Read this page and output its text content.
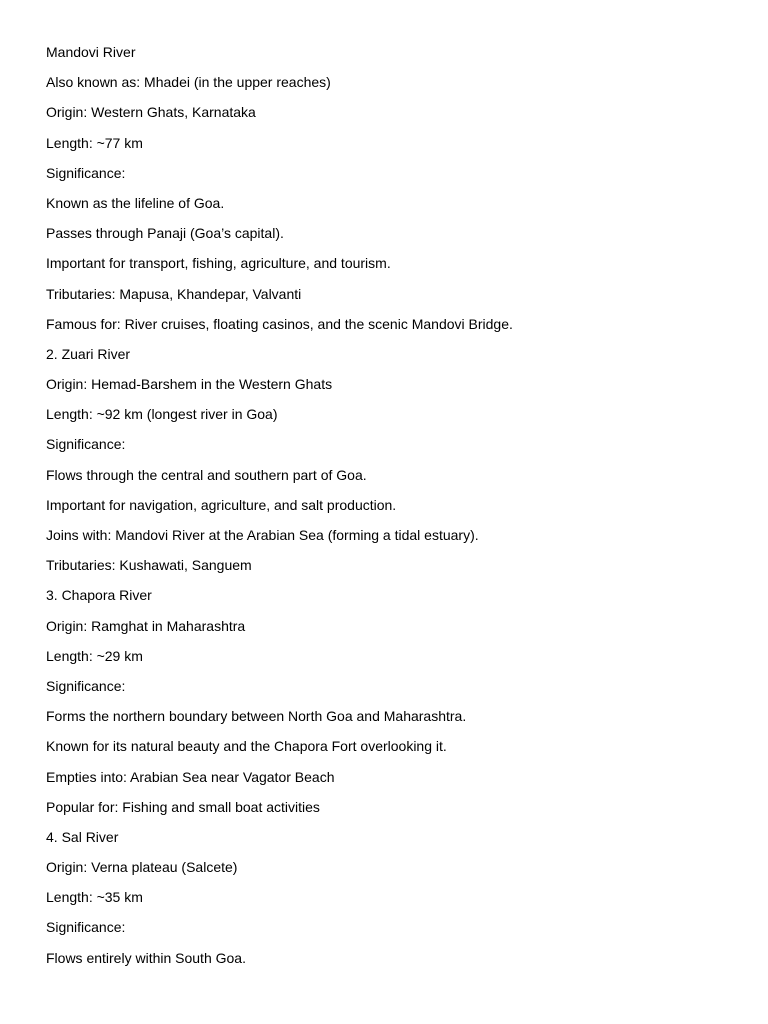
Mandovi River
Also known as: Mhadei (in the upper reaches)
Origin: Western Ghats, Karnataka
Length: ~77 km
Significance:
Known as the lifeline of Goa.
Passes through Panaji (Goa’s capital).
Important for transport, fishing, agriculture, and tourism.
Tributaries: Mapusa, Khandepar, Valvanti
Famous for: River cruises, floating casinos, and the scenic Mandovi Bridge.
2. Zuari River
Origin: Hemad-Barshem in the Western Ghats
Length: ~92 km (longest river in Goa)
Significance:
Flows through the central and southern part of Goa.
Important for navigation, agriculture, and salt production.
Joins with: Mandovi River at the Arabian Sea (forming a tidal estuary).
Tributaries: Kushawati, Sanguem
3. Chapora River
Origin: Ramghat in Maharashtra
Length: ~29 km
Significance:
Forms the northern boundary between North Goa and Maharashtra.
Known for its natural beauty and the Chapora Fort overlooking it.
Empties into: Arabian Sea near Vagator Beach
Popular for: Fishing and small boat activities
4. Sal River
Origin: Verna plateau (Salcete)
Length: ~35 km
Significance:
Flows entirely within South Goa.
